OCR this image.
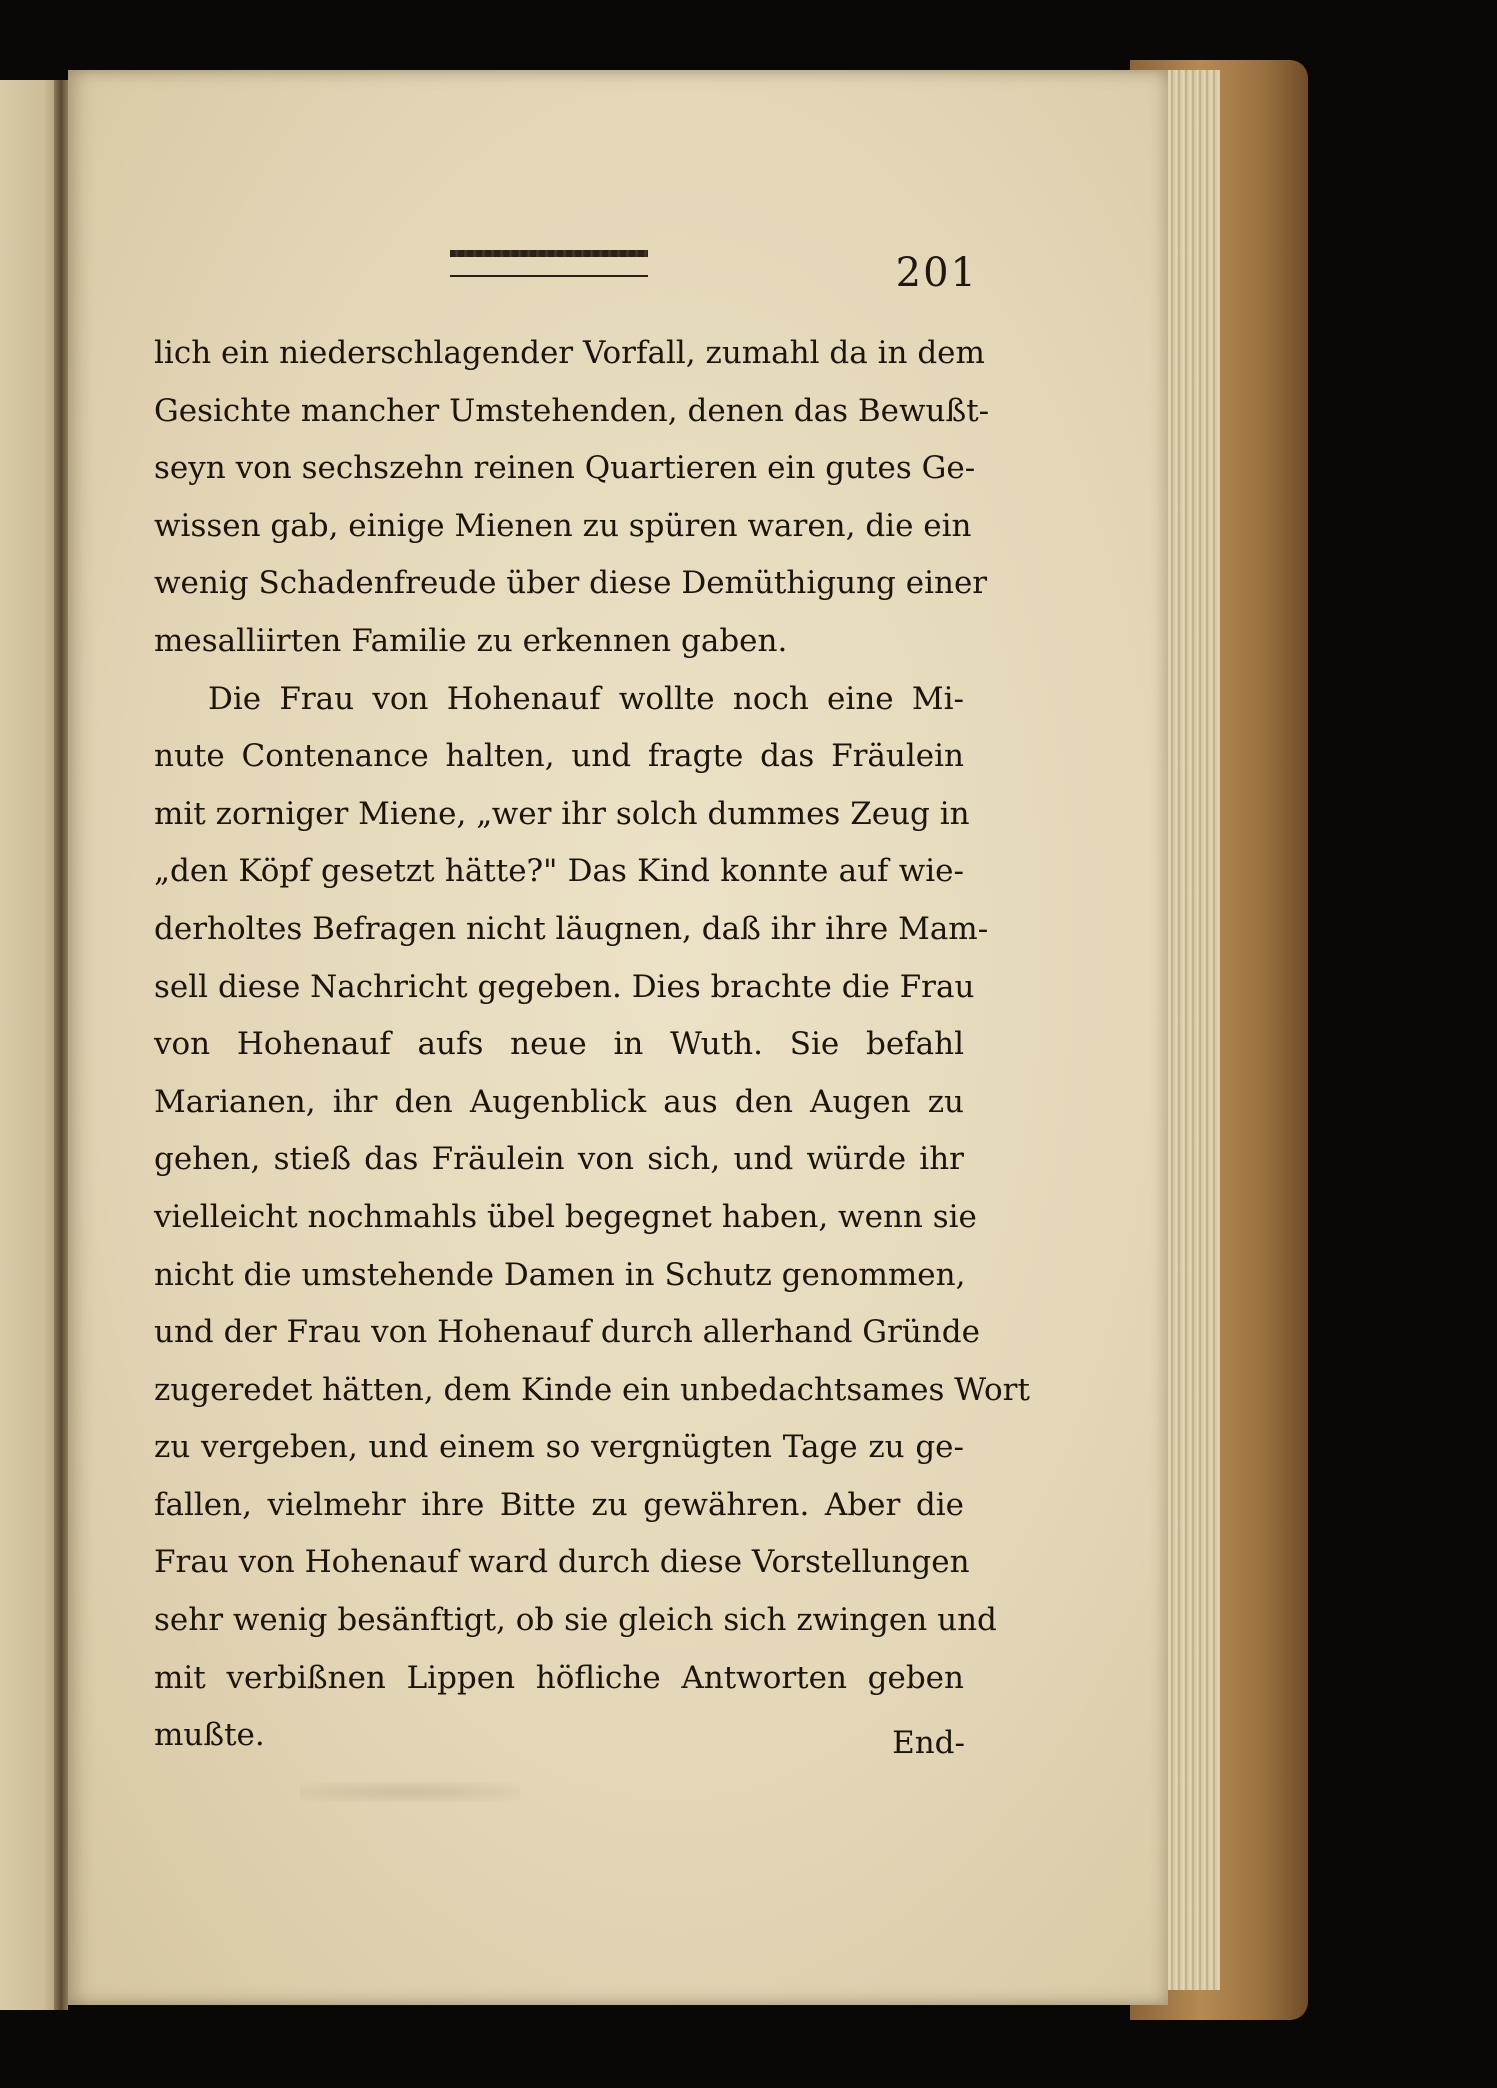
201
lich ein niederschlagender Vorfall, zumahl da in dem
Gesichte mancher Umstehenden, denen das Bewußt-
seyn von sechszehn reinen Quartieren ein gutes Ge-
wissen gab, einige Mienen zu spüren waren, die ein
wenig Schadenfreude über diese Demüthigung einer
mesalliirten Familie zu erkennen gaben.
Die Frau von Hohenauf wollte noch eine Mi-
nute Contenance halten, und fragte das Fräulein
mit zorniger Miene, „wer ihr solch dummes Zeug in
„den Köpf gesetzt hätte?" Das Kind konnte auf wie-
derholtes Befragen nicht läugnen, daß ihr ihre Mam-
sell diese Nachricht gegeben. Dies brachte die Frau
von Hohenauf aufs neue in Wuth. Sie befahl
Marianen, ihr den Augenblick aus den Augen zu
gehen, stieß das Fräulein von sich, und würde ihr
vielleicht nochmahls übel begegnet haben, wenn sie
nicht die umstehende Damen in Schutz genommen,
und der Frau von Hohenauf durch allerhand Gründe
zugeredet hätten, dem Kinde ein unbedachtsames Wort
zu vergeben, und einem so vergnügten Tage zu ge-
fallen, vielmehr ihre Bitte zu gewähren. Aber die
Frau von Hohenauf ward durch diese Vorstellungen
sehr wenig besänftigt, ob sie gleich sich zwingen und
mit verbißnen Lippen höfliche Antworten geben
mußte.	End-
